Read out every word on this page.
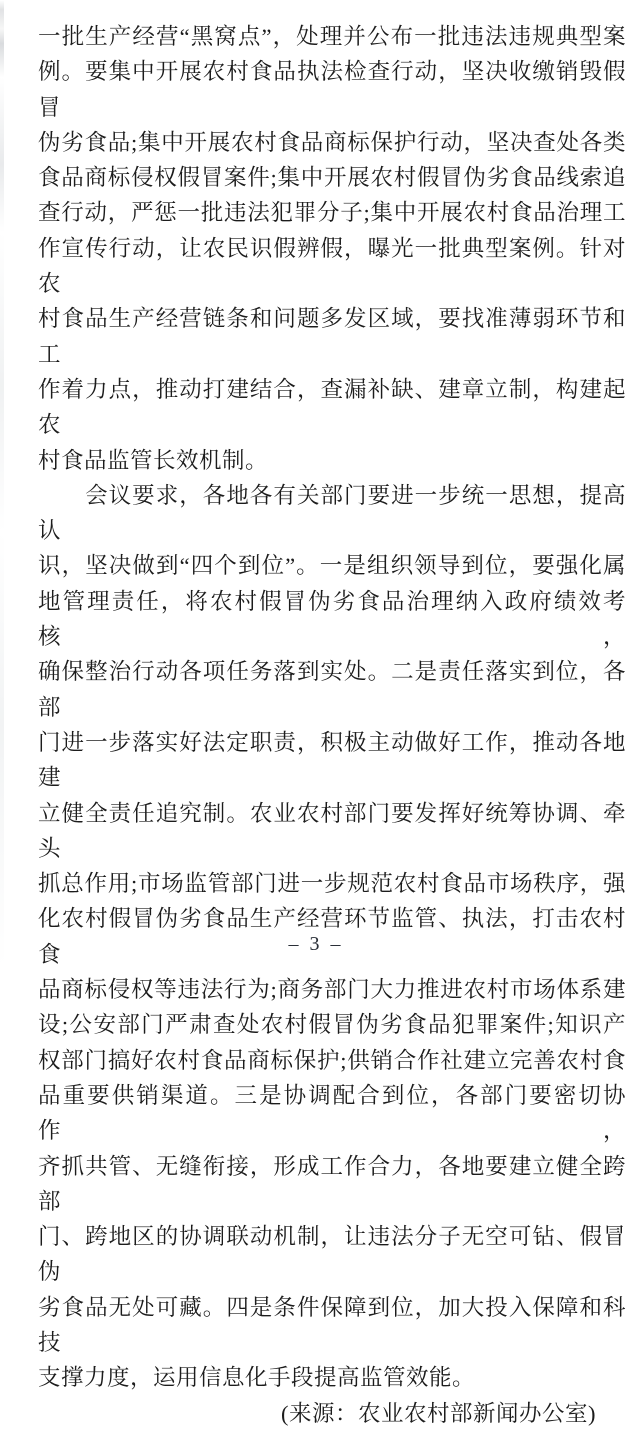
一批生产经营“黑窝点”，处理并公布一批违法违规典型案
例。要集中开展农村食品执法检查行动，坚决收缴销毁假冒
伪劣食品;集中开展农村食品商标保护行动，坚决查处各类
食品商标侵权假冒案件;集中开展农村假冒伪劣食品线索追
查行动，严惩一批违法犯罪分子;集中开展农村食品治理工
作宣传行动，让农民识假辨假，曝光一批典型案例。针对农
村食品生产经营链条和问题多发区域，要找准薄弱环节和工
作着力点，推动打建结合，查漏补缺、建章立制，构建起农
村食品监管长效机制。
　　会议要求，各地各有关部门要进一步统一思想，提高认
识，坚决做到“四个到位”。一是组织领导到位，要强化属
地管理责任，将农村假冒伪劣食品治理纳入政府绩效考核，
确保整治行动各项任务落到实处。二是责任落实到位，各部
门进一步落实好法定职责，积极主动做好工作，推动各地建
立健全责任追究制。农业农村部门要发挥好统筹协调、牵头
抓总作用;市场监管部门进一步规范农村食品市场秩序，强
化农村假冒伪劣食品生产经营环节监管、执法，打击农村食
品商标侵权等违法行为;商务部门大力推进农村市场体系建
设;公安部门严肃查处农村假冒伪劣食品犯罪案件;知识产
权部门搞好农村食品商标保护;供销合作社建立完善农村食
品重要供销渠道。三是协调配合到位，各部门要密切协作，
齐抓共管、无缝衔接，形成工作合力，各地要建立健全跨部
门、跨地区的协调联动机制，让违法分子无空可钻、假冒伪
劣食品无处可藏。四是条件保障到位，加大投入保障和科技
支撑力度，运用信息化手段提高监管效能。
(来源：农业农村部新闻办公室)
– 3 –
